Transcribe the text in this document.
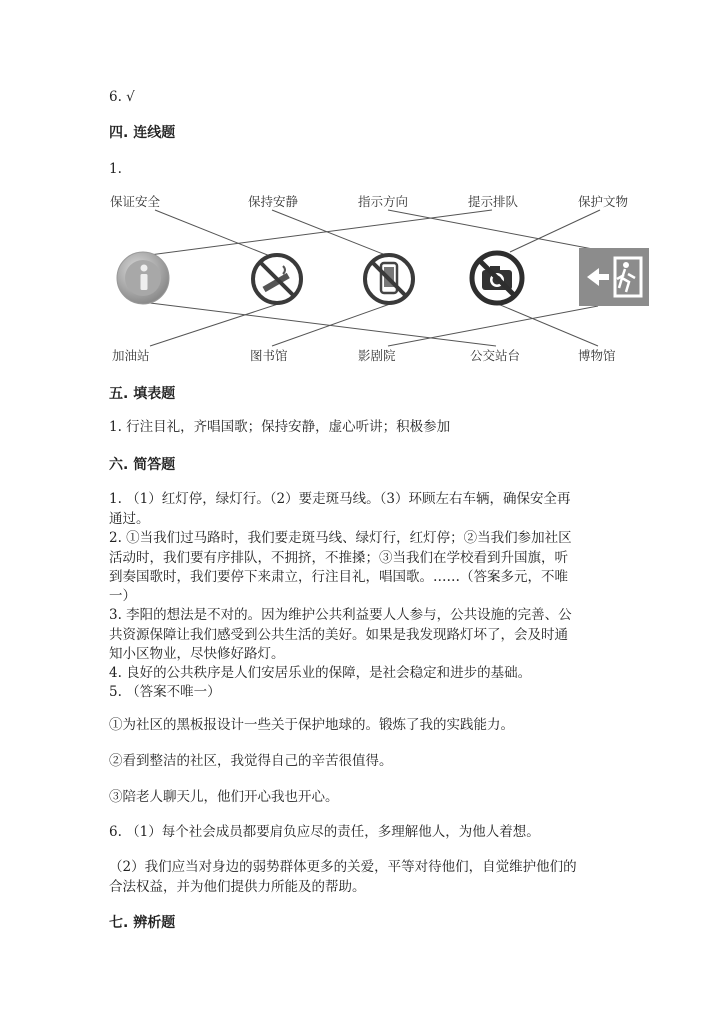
6. √
四. 连线题
1.
保证安全	保持安静	指示方向	提示排队	保护文物
加油站	图书馆	影剧院	公交站台	博物馆
五. 填表题
1. 行注目礼，齐唱国歌；保持安静，虚心听讲；积极参加
六. 简答题
1. （1）红灯停，绿灯行。（2）要走斑马线。（3）环顾左右车辆，确保安全再
通过。
2. ①当我们过马路时，我们要走斑马线、绿灯行，红灯停；②当我们参加社区
活动时，我们要有序排队，不拥挤，不推搡；③当我们在学校看到升国旗，听
到奏国歌时，我们要停下来肃立，行注目礼，唱国歌。……（答案多元，不唯
一）
3. 李阳的想法是不对的。因为维护公共利益要人人参与，公共设施的完善、公
共资源保障让我们感受到公共生活的美好。如果是我发现路灯坏了，会及时通
知小区物业，尽快修好路灯。
4. 良好的公共秩序是人们安居乐业的保障，是社会稳定和进步的基础。
5. （答案不唯一）
①为社区的黑板报设计一些关于保护地球的。锻炼了我的实践能力。
②看到整洁的社区，我觉得自己的辛苦很值得。
③陪老人聊天儿，他们开心我也开心。
6. （1）每个社会成员都要肩负应尽的责任，多理解他人，为他人着想。
（2）我们应当对身边的弱势群体更多的关爱，平等对待他们，自觉维护他们的
合法权益，并为他们提供力所能及的帮助。
七. 辨析题
